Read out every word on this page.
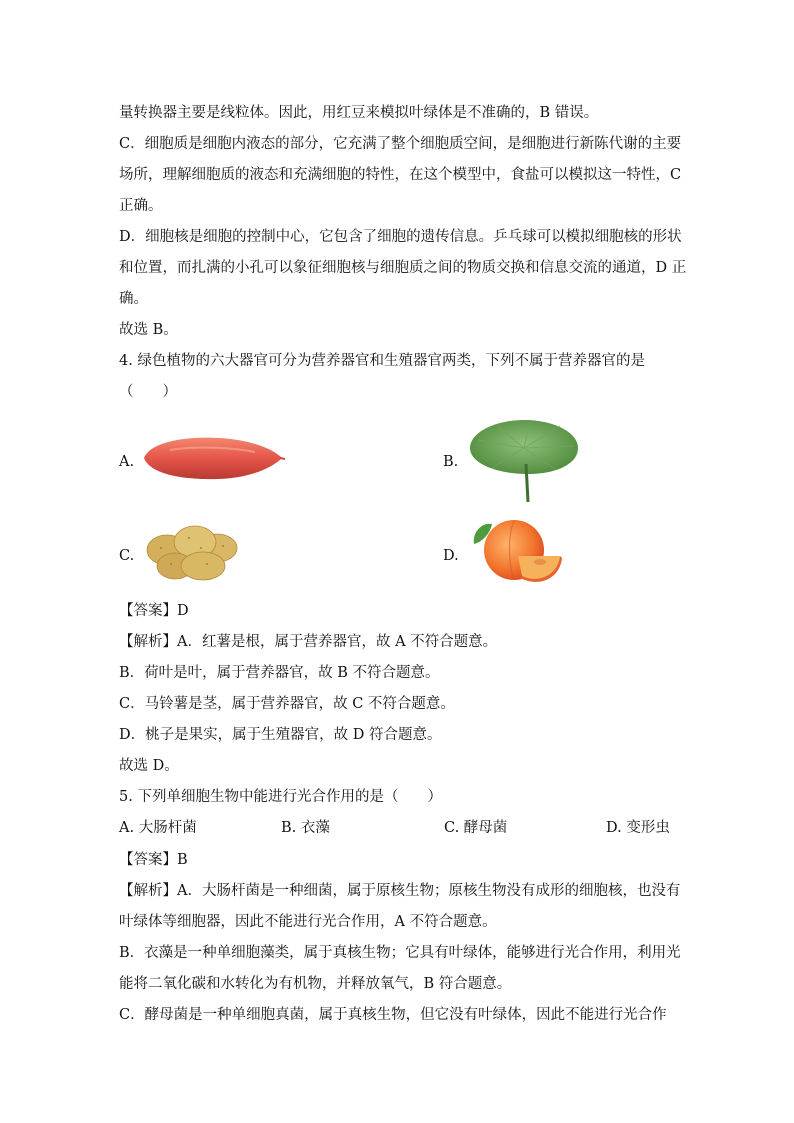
量转换器主要是线粒体。因此，用红豆来模拟叶绿体是不准确的，B 错误。
C．细胞质是细胞内液态的部分，它充满了整个细胞质空间，是细胞进行新陈代谢的主要
场所，理解细胞质的液态和充满细胞的特性，在这个模型中，食盐可以模拟这一特性，C
正确。
D．细胞核是细胞的控制中心，它包含了细胞的遗传信息。乒乓球可以模拟细胞核的形状
和位置，而扎满的小孔可以象征细胞核与细胞质之间的物质交换和信息交流的通道，D 正
确。
故选 B。
4. 绿色植物的六大器官可分为营养器官和生殖器官两类，下列不属于营养器官的是
（　　）
A.	B.
C.	D.
【答案】D
【解析】A．红薯是根，属于营养器官，故 A 不符合题意。
B．荷叶是叶，属于营养器官，故 B 不符合题意。
C．马铃薯是茎，属于营养器官，故 C 不符合题意。
D．桃子是果实，属于生殖器官，故 D 符合题意。
故选 D。
5. 下列单细胞生物中能进行光合作用的是（　　）
A. 大肠杆菌	B. 衣藻	C. 酵母菌	D. 变形虫
【答案】B
【解析】A．大肠杆菌是一种细菌，属于原核生物；原核生物没有成形的细胞核，也没有
叶绿体等细胞器，因此不能进行光合作用，A 不符合题意。
B．衣藻是一种单细胞藻类，属于真核生物；它具有叶绿体，能够进行光合作用，利用光
能将二氧化碳和水转化为有机物，并释放氧气，B 符合题意。
C．酵母菌是一种单细胞真菌，属于真核生物，但它没有叶绿体，因此不能进行光合作
